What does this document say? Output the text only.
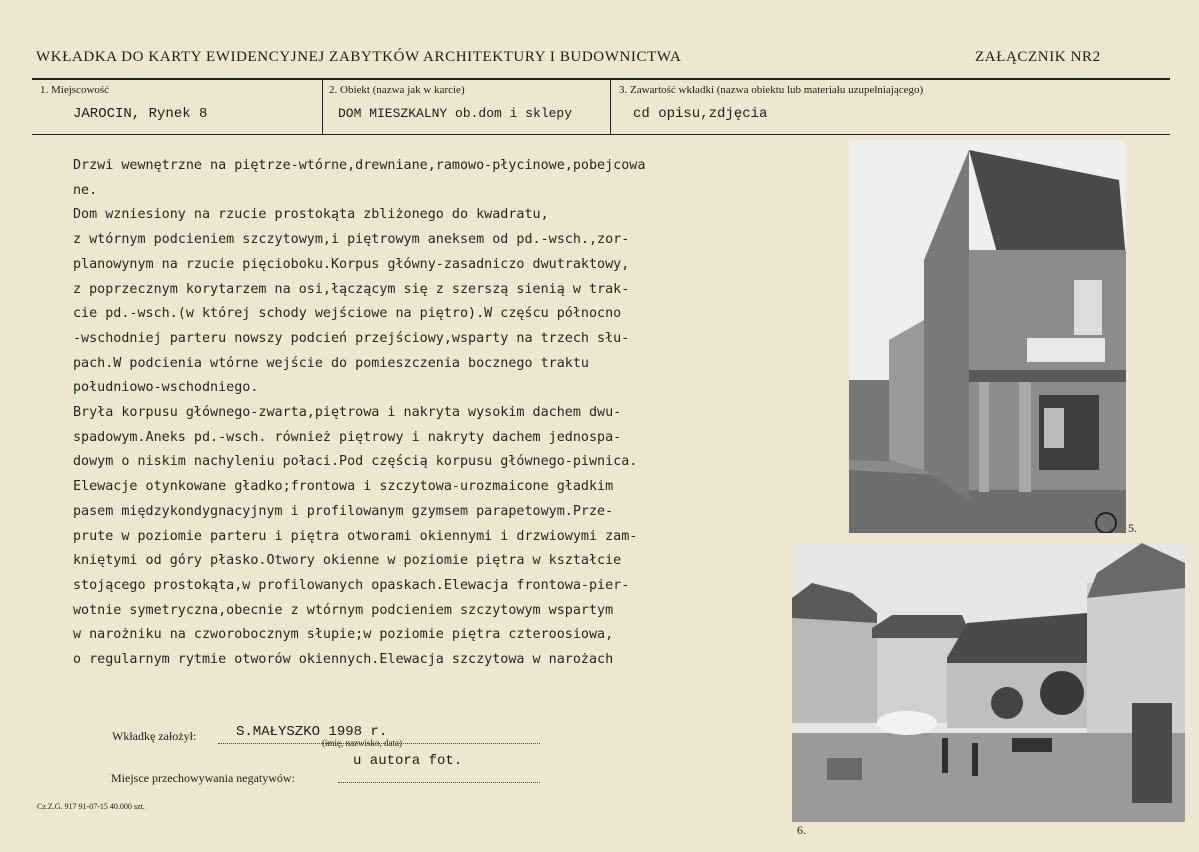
WKŁADKA DO KARTY EWIDENCYJNEJ ZABYTKÓW ARCHITEKTURY I BUDOWNICTWA	ZAŁĄCZNIK NR2
1. Miejscowość
JAROCIN, Rynek 8
2. Obiekt (nazwa jak w karcie)
DOM MIESZKALNY ob.dom i sklepy
3. Zawartość wkładki (nazwa obiektu lub materiału uzupełniającego)
cd opisu,zdjęcia
Drzwi wewnętrzne na piętrze-wtórne,drewniane,ramowo-płycinowe,pobejcowa
ne.
Dom wzniesiony na rzucie prostokąta zbliżonego do kwadratu,
z wtórnym podcieniem szczytowym,i piętrowym aneksem od pd.-wsch.,zor-
planowynym na rzucie pięcioboku.Korpus główny-zasadniczo dwutraktowy,
z poprzecznym korytarzem na osi,łączącym się z szerszą sienią w trak-
cie pd.-wsch.(w której schody wejściowe na piętro).W częścu północno
-wschodniej parteru nowszy podcień przejściowy,wsparty na trzech słu-
pach.W podcienia wtórne wejście do pomieszczenia bocznego traktu
południowo-wschodniego.
Bryła korpusu głównego-zwarta,piętrowa i nakryta wysokim dachem dwu-
spadowym.Aneks pd.-wsch. również piętrowy i nakryty dachem jednospa-
dowym o niskim nachyleniu połaci.Pod częścią korpusu głównego-piwnica.
Elewacje otynkowane gładko;frontowa i szczytowa-urozmaicone gładkim
pasem międzykondygnacyjnym i profilowanym gzymsem parapetowym.Prze-
prute w poziomie parteru i piętra otworami okiennymi i drzwiowymi zam-
kniętymi od góry płasko.Otwory okienne w poziomie piętra w kształcie
stojącego prostokąta,w profilowanych opaskach.Elewacja frontowa-pier-
wotnie symetryczna,obecnie z wtórnym podcieniem szczytowym wspartym
w narożniku na czworobocznym słupie;w poziomie piętra czteroosiowa,
o regularnym rytmie otworów okiennych.Elewacja szczytowa w narożach
5.
6.
Wkładkę założył:	S.MAŁYSZKO 1998 r.
(imię, nazwisko, data)
u autora fot.
Miejsce przechowywania negatywów:
Cz.Z.G. 917 91-07-15 40.000 szt.
